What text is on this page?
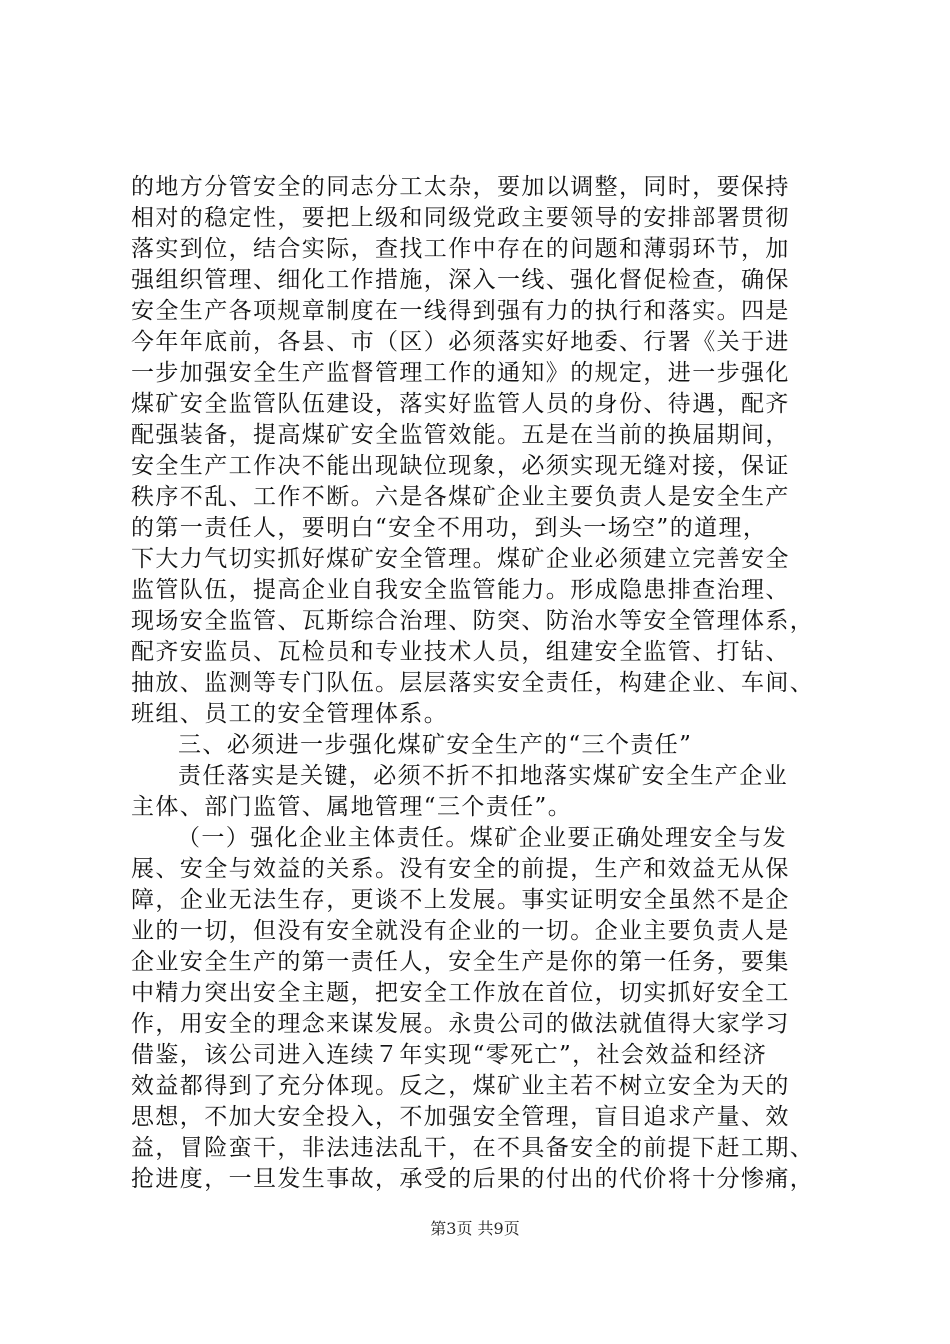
的地方分管安全的同志分工太杂，要加以调整，同时，要保持
相对的稳定性，要把上级和同级党政主要领导的安排部署贯彻
落实到位，结合实际，查找工作中存在的问题和薄弱环节，加
强组织管理、细化工作措施，深入一线、强化督促检查，确保
安全生产各项规章制度在一线得到强有力的执行和落实。四是
今年年底前，各县、市（区）必须落实好地委、行署《关于进
一步加强安全生产监督管理工作的通知》的规定，进一步强化
煤矿安全监管队伍建设，落实好监管人员的身份、待遇，配齐
配强装备，提高煤矿安全监管效能。五是在当前的换届期间，
安全生产工作决不能出现缺位现象，必须实现无缝对接，保证
秩序不乱、工作不断。六是各煤矿企业主要负责人是安全生产
的第一责任人，要明白“安全不用功，到头一场空”的道理，
下大力气切实抓好煤矿安全管理。煤矿企业必须建立完善安全
监管队伍，提高企业自我安全监管能力。形成隐患排查治理、
现场安全监管、瓦斯综合治理、防突、防治水等安全管理体系，
配齐安监员、瓦检员和专业技术人员，组建安全监管、打钻、
抽放、监测等专门队伍。层层落实安全责任，构建企业、车间、
班组、员工的安全管理体系。
三、必须进一步强化煤矿安全生产的“三个责任”
责任落实是关键，必须不折不扣地落实煤矿安全生产企业
主体、部门监管、属地管理“三个责任”。
（一）强化企业主体责任。煤矿企业要正确处理安全与发
展、安全与效益的关系。没有安全的前提，生产和效益无从保
障，企业无法生存，更谈不上发展。事实证明安全虽然不是企
业的一切，但没有安全就没有企业的一切。企业主要负责人是
企业安全生产的第一责任人，安全生产是你的第一任务，要集
中精力突出安全主题，把安全工作放在首位，切实抓好安全工
作，用安全的理念来谋发展。永贵公司的做法就值得大家学习
借鉴，该公司进入连续７年实现“零死亡”，社会效益和经济
效益都得到了充分体现。反之，煤矿业主若不树立安全为天的
思想，不加大安全投入，不加强安全管理，盲目追求产量、效
益，冒险蛮干，非法违法乱干，在不具备安全的前提下赶工期、
抢进度，一旦发生事故，承受的后果的付出的代价将十分惨痛，
第3页 共9页
